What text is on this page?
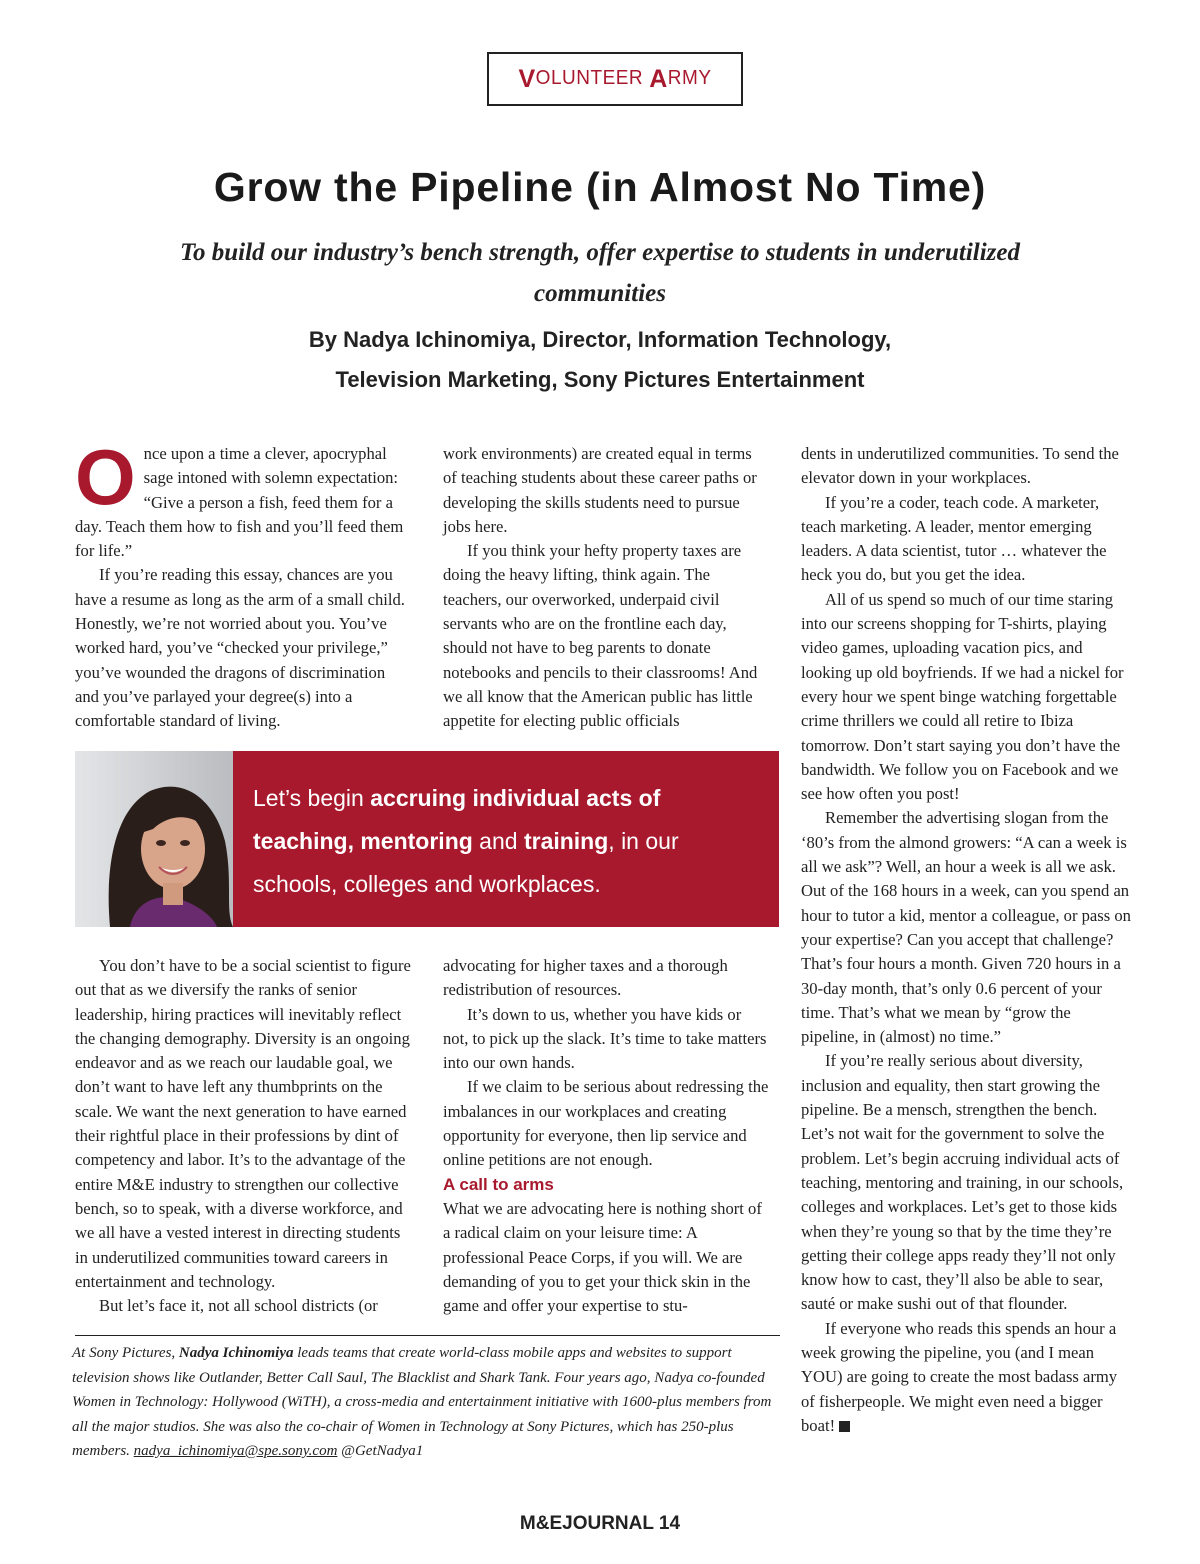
V OLUNTEER
A RMY
Grow the Pipeline (in Almost No Time)
To build our industry’s bench strength, offer expertise to students in underutilized communities
By Nadya Ichinomiya, Director, Information Technology,
Television Marketing, Sony Pictures Entertainment

Once upon a time a clever, apocryphal sage intoned with solemn expectation: “Give a person a fish, feed them for a day. Teach them how to fish and you’ll feed them for life.”

If you’re reading this essay, chances are you have a resume as long as the arm of a small child. Honestly, we’re not worried about you. You’ve worked hard, you’ve “checked your privilege,” you’ve wounded the dragons of discrimination and you’ve parlayed your degree(s) into a comfortable standard of living.

work environments) are created equal in terms of teaching students about these career paths or developing the skills students need to pursue jobs here.

If you think your hefty property taxes are doing the heavy lifting, think again. The teachers, our overworked, underpaid civil servants who are on the frontline each day, should not have to beg parents to donate notebooks and pencils to their classrooms! And we all know that the American public has little appetite for electing public officials

Let’s begin accruing individual acts of teaching, mentoring and training, in our schools, colleges and workplaces.

dents in underutilized communities. To send the elevator down in your workplaces.

If you’re a coder, teach code. A marketer, teach marketing. A leader, mentor emerging leaders. A data scientist, tutor … whatever the heck you do, but you get the idea.

All of us spend so much of our time staring into our screens shopping for T-shirts, playing video games, uploading vacation pics, and looking up old boyfriends. If we had a nickel for every hour we spent binge watching forgettable crime thrillers we could all retire to Ibiza tomorrow. Don’t start saying you don’t have the bandwidth. We follow you on Facebook and we see how often you post!

Remember the advertising slogan from the ‘80’s from the almond growers: “A can a week is all we ask”? Well, an hour a week is all we ask. Out of the 168 hours in a week, can you spend an hour to tutor a kid, mentor a colleague, or pass on your expertise? Can you accept that challenge? That’s four hours a month. Given 720 hours in a 30-day month, that’s only 0.6 percent of your time. That’s what we mean by “grow the pipeline, in (almost) no time.”

If you’re really serious about diversity, inclusion and equality, then start growing the pipeline. Be a mensch, strengthen the bench. Let’s not wait for the government to solve the problem. Let’s begin accruing individual acts of teaching, mentoring and training, in our schools, colleges and workplaces. Let’s get to those kids when they’re young so that by the time they’re getting their college apps ready they’ll not only know how to cast, they’ll also be able to sear, sauté or make sushi out of that flounder.

If everyone who reads this spends an hour a week growing the pipeline, you (and I mean YOU) are going to create the most badass army of fisherpeople. We might even need a bigger boat!

You don’t have to be a social scientist to figure out that as we diversify the ranks of senior leadership, hiring practices will inevitably reflect the changing demography. Diversity is an ongoing endeavor and as we reach our laudable goal, we don’t want to have left any thumbprints on the scale. We want the next generation to have earned their rightful place in their professions by dint of competency and labor. It’s to the advantage of the entire M&E industry to strengthen our collective bench, so to speak, with a diverse workforce, and we all have a vested interest in directing students in underutilized communities toward careers in entertainment and technology.

But let’s face it, not all school districts (or

advocating for higher taxes and a thorough redistribution of resources.

It’s down to us, whether you have kids or not, to pick up the slack. It’s time to take matters into our own hands.

If we claim to be serious about redressing the imbalances in our workplaces and creating opportunity for everyone, then lip service and online petitions are not enough.

A call to arms

What we are advocating here is nothing short of a radical claim on your leisure time: A professional Peace Corps, if you will. We are demanding of you to get your thick skin in the game and offer your expertise to stu-

At Sony Pictures, Nadya Ichinomiya leads teams that create world-class mobile apps and websites to support television shows like Outlander, Better Call Saul, The Blacklist and Shark Tank. Four years ago, Nadya co-founded Women in Technology: Hollywood (WiTH), a cross-media and entertainment initiative with 1600-plus members from all the major studios. She was also the co-chair of Women in Technology at Sony Pictures, which has 250-plus members. nadya_ichinomiya@spe.sony.com @GetNadya1
M&EJOURNAL 14
